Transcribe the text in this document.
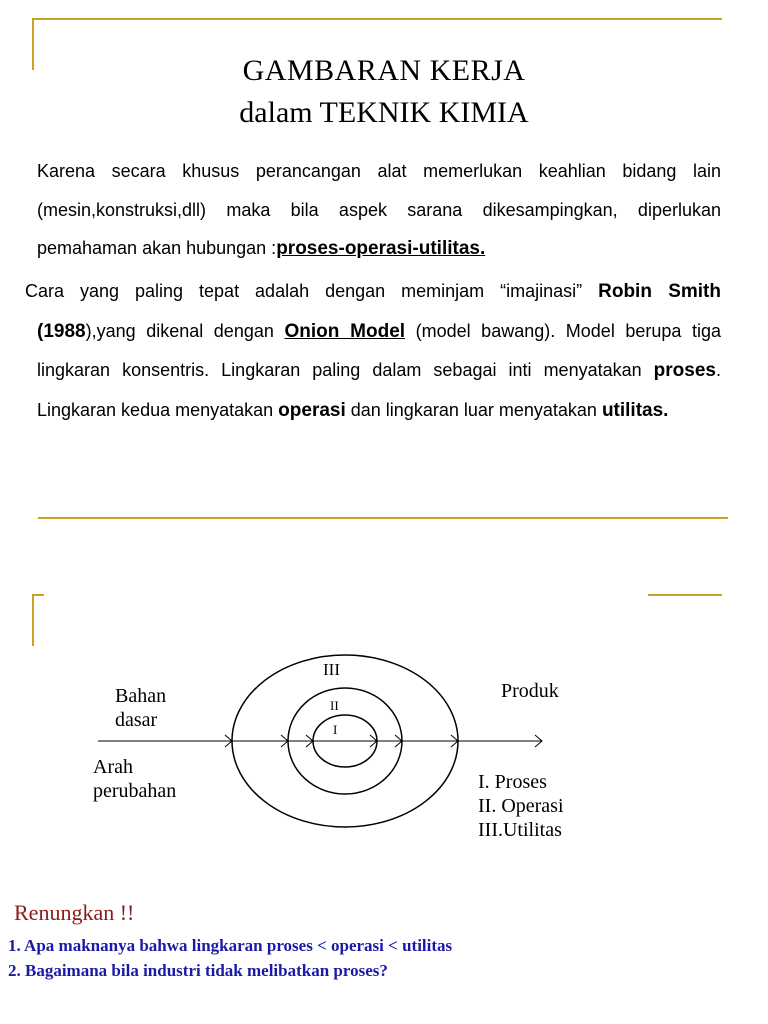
GAMBARAN KERJA
dalam TEKNIK KIMIA
Karena secara khusus perancangan alat memerlukan keahlian bidang lain (mesin,konstruksi,dll) maka bila aspek sarana dikesampingkan, diperlukan pemahaman akan hubungan :proses-operasi-utilitas.
Cara yang paling tepat adalah dengan meminjam “imajinasi” Robin Smith (1988),yang dikenal dengan Onion Model (model bawang). Model berupa tiga lingkaran konsentris. Lingkaran paling dalam sebagai inti menyatakan proses. Lingkaran kedua menyatakan operasi dan lingkaran luar menyatakan utilitas.
III
II
I
Bahan
dasar
Arah
perubahan
Produk
I. Proses
II. Operasi
III.Utilitas
Renungkan !!
1. Apa maknanya bahwa lingkaran proses < operasi < utilitas
2. Bagaimana bila industri tidak melibatkan proses?
